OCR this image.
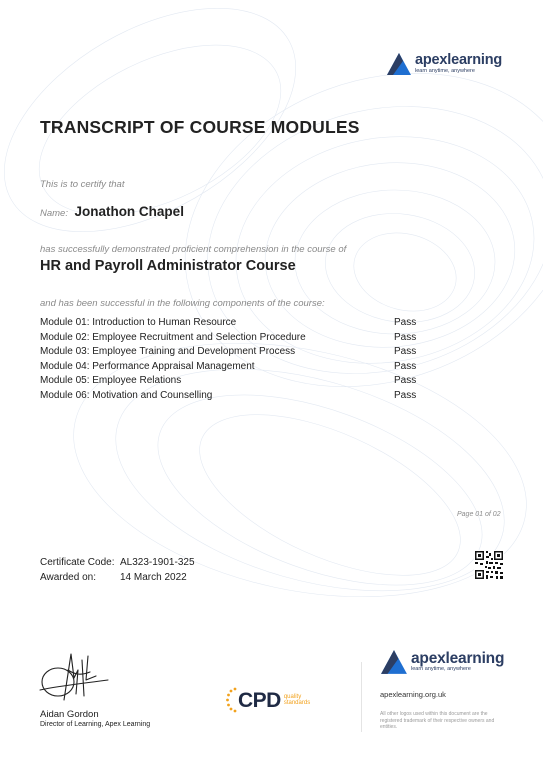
apexlearning
learn anytime, anywhere
TRANSCRIPT OF COURSE MODULES
This is to certify that
Name: Jonathon Chapel
has successfully demonstrated proficient comprehension in the course of
HR and Payroll Administrator Course
and has been successful in the following components of the course:
Module 01: Introduction to Human Resource	Pass
Module 02: Employee Recruitment and Selection Procedure	Pass
Module 03: Employee Training and Development Process	Pass
Module 04: Performance Appraisal Management	Pass
Module 05: Employee Relations	Pass
Module 06: Motivation and Counselling	Pass
Page 01 of 02
Certificate Code: AL323-1901-325
Awarded on: 14 March 2022
Aidan Gordon
Director of Learning, Apex Learning
CPD quality
standards
apexlearning
learn anytime, anywhere
apexlearning.org.uk
All other logos used within this document are the registered trademark of their respective owners and entities.
